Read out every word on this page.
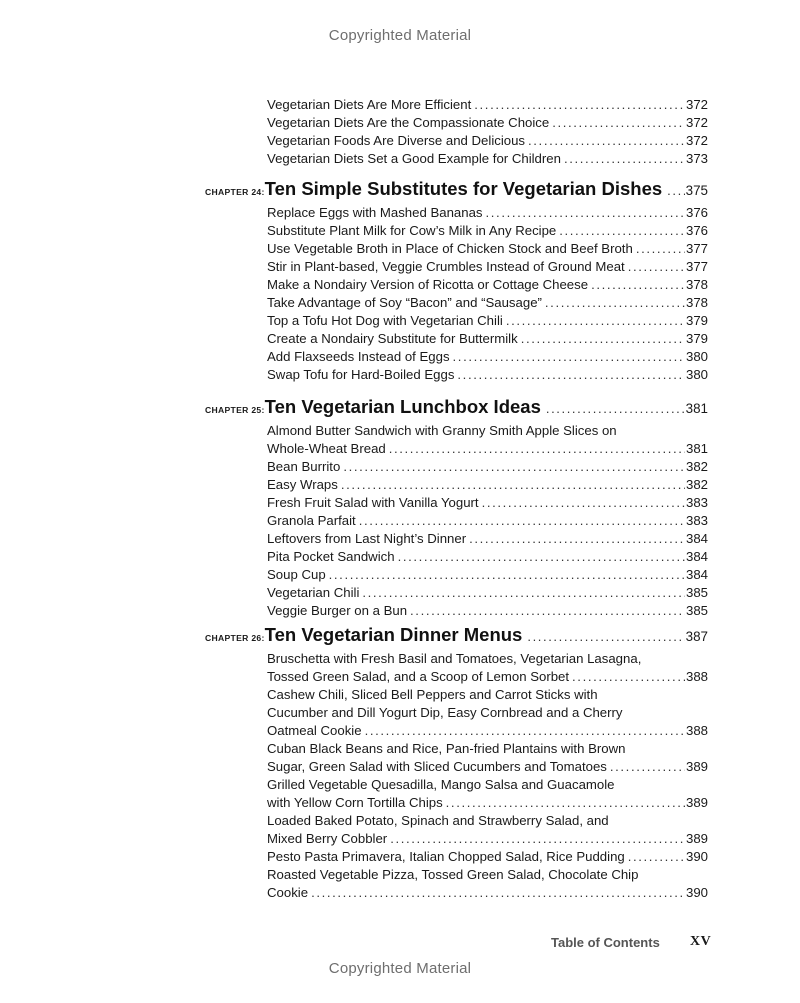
Copyrighted Material
Vegetarian Diets Are More Efficient .....	372
Vegetarian Diets Are the Compassionate Choice .....	372
Vegetarian Foods Are Diverse and Delicious .....	372
Vegetarian Diets Set a Good Example for Children .....	373
CHAPTER 24: Ten Simple Substitutes for Vegetarian Dishes ..... 375
Replace Eggs with Mashed Bananas .....	376
Substitute Plant Milk for Cow’s Milk in Any Recipe .....	376
Use Vegetable Broth in Place of Chicken Stock and Beef Broth .....	377
Stir in Plant-based, Veggie Crumbles Instead of Ground Meat .....	377
Make a Nondairy Version of Ricotta or Cottage Cheese .....	378
Take Advantage of Soy “Bacon” and “Sausage” .....	378
Top a Tofu Hot Dog with Vegetarian Chili .....	379
Create a Nondairy Substitute for Buttermilk .....	379
Add Flaxseeds Instead of Eggs .....	380
Swap Tofu for Hard-Boiled Eggs .....	380
CHAPTER 25: Ten Vegetarian Lunchbox Ideas .....	381
Almond Butter Sandwich with Granny Smith Apple Slices on
Whole-Wheat Bread .....	381
Bean Burrito .....	382
Easy Wraps .....	382
Fresh Fruit Salad with Vanilla Yogurt .....	383
Granola Parfait .....	383
Leftovers from Last Night’s Dinner .....	384
Pita Pocket Sandwich .....	384
Soup Cup .....	384
Vegetarian Chili .....	385
Veggie Burger on a Bun .....	385
CHAPTER 26: Ten Vegetarian Dinner Menus .....	387
Bruschetta with Fresh Basil and Tomatoes, Vegetarian Lasagna,
Tossed Green Salad, and a Scoop of Lemon Sorbet .....	388
Cashew Chili, Sliced Bell Peppers and Carrot Sticks with
Cucumber and Dill Yogurt Dip, Easy Cornbread and a Cherry
Oatmeal Cookie .....	388
Cuban Black Beans and Rice, Pan-fried Plantains with Brown
Sugar, Green Salad with Sliced Cucumbers and Tomatoes .....	389
Grilled Vegetable Quesadilla, Mango Salsa and Guacamole
with Yellow Corn Tortilla Chips .....	389
Loaded Baked Potato, Spinach and Strawberry Salad, and
Mixed Berry Cobbler .....	389
Pesto Pasta Primavera, Italian Chopped Salad, Rice Pudding .....	390
Roasted Vegetable Pizza, Tossed Green Salad, Chocolate Chip
Cookie .....	390
Table of Contents XV
Copyrighted Material
